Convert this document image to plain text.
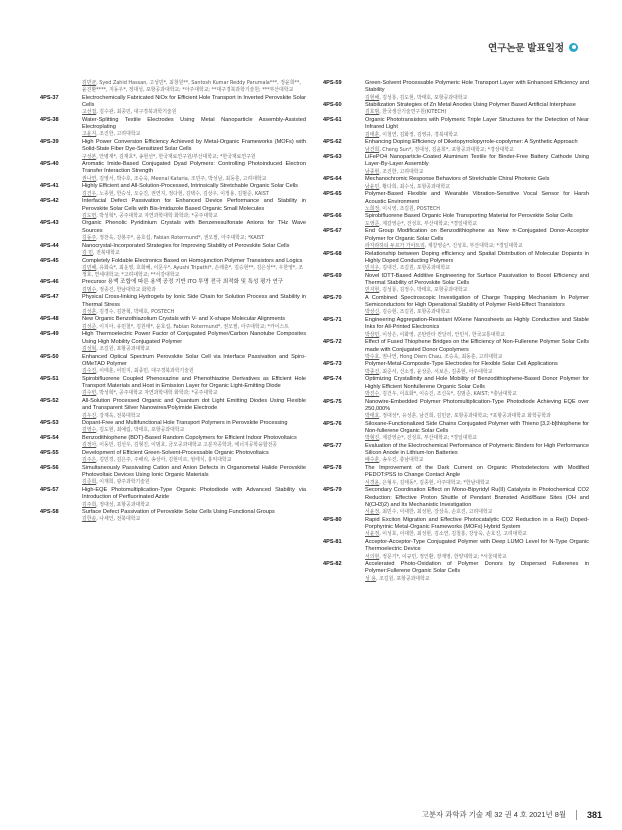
연구논문 발표일정
김민균, Syed Zahid Hassan, 고성민*, 최창원**, Santosh Kumar Reddy Parumala***, 정윤희**, 윤진환****, 지동우*, 정대성, 포항공과대학교; *아주대학교; **대구경북과학기술원; ***부산대학교
4PS-37	Electrochemically Fabricated NiOx for Efficient Hole Transport in Inverted Perovskite Solar Cells
고선접, 김수관, 최종민, 대구경북과학기술원
4PS-38	Water-Splitting Textile Electrodes Using Metal Nanoparticle Assembly-Assisted Electroplating
고윤지, 조진한, 고려대학교
4PS-39	High Power Conversion Efficiency Achieved by Metal-Organic Frameworks (MOFs) with Solid-State Fiber Dye-Sensitized Solar Cells
구성본, 안병재*, 김재호*, 송현선*, 한국재료연구원/부산대학교; *한국재료연구원
4PS-40	Aromatic Imide-Based Conjugated Dyad Polymers: Controlling Photoinduced Electron Transfer Interaction Strength
권나연, 김영서, 박수호, 조승욱, Meenal Kataria, 조민주, 박성남, 최동훈, 고려대학교
4PS-41	Highly Efficient and All-Solution-Processed, Intrinsically Stretchable Organic Solar Cells
김건우, 노종현, 한승석, 오승진, 권연지, 정다현, 김택수, 김상우, 이정용, 김범준, KAIST
4PS-42	Interfacial Defect Passivation for Enhanced Device Performance and Stability in Perovskite Solar Cells with Bis-Imidazole Based Organic Small Molecules
김도헌, 박성혁*, 공주대학교 자연과학대학 화학과; *공주대학교
4PS-43	Organic Phenolic Pyridinium Crystals with Benzenesulfonate Anions for THz Wave Sources
김동주, 정찬욱, 강봉주*, 윤호섭, Fabian Rotermund*, 권오필, 아주대학교; *KAIST
4PS-44	Nanocrystal-Incorporated Strategies for Improving Stability of Perovskite Solar Cells
김 민, 전북대학교
4PS-45	Completely Foldable Electronics Based on Homojunction Polymer Transistors and Logics
김민혜, 유화숙*, 최운영, 호화혜, 이문우*, Ayushi Tripathi*, 손래훈*, 김승현**, 김은성**, 우한영*, 조정호, 연세대학교; *고려대학교; **서강대학교
4PS-46	Precursor 용액 조합에 따른 용액 공정 기반 ITO 투명 전극 최적화 및 특성 평가 연구
김범수, 정종진, 한남대학교 화학과
4PS-47	Physical Cross-linking Hydrogels by Ionic Side Chain for Solution Process and Stability in Thermal Stress
김성훈, 김경수, 김찬혁, 박태호, POSTECH
4PS-48	New Organic Benzothiazolium Crystals with V- and X-shape Molecular Alignments
김성준, 이지아, 유민철*, 김원태*, 윤호섭, Fabian Rotermund*, 권오필, 아주대학교; *카이스트
4PS-49	High Thermoelectric Power Factor of Conjugated Polymer/Carbon Nanotube Composites Using High Mobility Conjugated Polymer
김성혁, 조길원, 포항공과대학교
4PS-50	Enhanced Optical Spectrum Perovskite Solar Cell via Interface Passivation and Spiro-OMeTAD Polymer
김수진, 이태훈, 이민지, 최종민, 대구경북과학기술원
4PS-51	Spirobifluorene Coupled Phenoxazine and Phenothiazine Derivatives as Efficient Hole Transport Materials and Host in Emission Layer for Organic Light-Emitting Diode
김수빈, 박성혁*, 공주대학교 자연과학대학 화학과; *공주대학교
4PS-52	All-Solution Processed Organic and Quantum dot Light Emitting Diodes Using Flexible and Transparent Silver Nanowires/Polyimide Electrode
김우진, 강재욱, 전북대학교
4PS-53	Dopant-Free and Multifunctional Hole Transport Polymers in Perovskite Processing
김영수, 김도현, 최예림, 박태호, 포항공과대학교
4PS-54	Benzodithiophene (BDT)-Based Random Copolymers for Efficient Indoor Photovoltaics
김정아, 이동민, 김선우, 김형진, 이범호, 금오공과대학교 고분자공학과, 에너지공학융합전공
4PS-55	Development of Efficient Green-Solvent-Processable Organic Photovoltaics
김주은, 김민경, 김은주, 주해리, 송상아, 김현미르, 엄태식, 홍익대학교
4PS-56	Simultaneously Passivating Cation and Anion Defects in Organometal Halide Perovskite Photovoltaic Devices Using Ionic Organic Materials
김준희, 이재희, 광주과학기술원
4PS-57	High-EQE Photomultiplication-Type Organic Photodiode with Advanced Stability via Introduction of Perfluorinated Azide
김주희, 정대성, 포항공과대학교
4PS-58	Surface Defect Passivation of Perovskite Solar Cells Using Functional Groups
김한솔, 나세인, 전북대학교
4PS-59	Green-Solvent Processable Polymeric Hole Transport Layer with Enhanced Efficiency and Stability
김현해, 김성룡, 김도현, 박태호, 포항공과대학교
4PS-60	Stabilization Strategies of Zn Metal Anodes Using Polymer Based Artificial Interphase
김호범, 한국생산기술연구원(KITECH)
4PS-61	Organic Phototransistors with Polymeric Triple Layer Structures for the Detection of Near Infrared Light
김태훈, 이철연, 김화정, 김영규, 경북대학교
4PS-62	Enhancing Doping Efficiency of Diketopyrrolopyrrole-copolymer: A Synthetic Approach
남건희, Cheng Sun*, 정대성, 김윤희*, 포항공과대학교; *경상대학교
4PS-63	LiFePO4 Nanoparticle-Coated Aluminum Textile for Binder-Free Battery Cathode Using Layer-By-Layer Assembly
남종현, 조진한, 고려대학교
4PS-64	Mechanochromic Response Behaviors of Stretchable Chiral Photonic Gels
남윤민, 황다희, 최수석, 포항공과대학교
4PS-65	Polymer-Based Flexible and Wearable Vibration-Sensitive Vocal Sensor for Harsh Acoustic Environment
노희정, 이시영, 조길원, POSTECH
4PS-66	Spirobifluorene Based Organic Hole Transporting Material for Perovskite Solar Cells
도영준, 제갈영순*, 진성호, 부산대학교; *경일대학교
4PS-67	End Group Modification on Benzodithiophene as New π-Conjugated Donor-Acceptor Polymer for Organic Solar Cells
라자라하티 두르가 가야트리, 제갈영순*, 진성호, 부산대학교; *경일대학교
4PS-68	Relationship between Doping efficiency and Spatial Distribution of Molecular Dopants in Highly Doped Conducting Polymers
민지우, 김대건, 조길원, 포항공과대학교
4PS-69	Novel IDTT-Based Additive Engineering for Surface Passivation to Boost Efficiency and Thermal Stability of Perovskite Solar Cells
민지현, 김성룡, 김정수, 박태호, 포항공과대학교
4PS-70	A Combined Spectroscopic Investigation of Charge Trapping Mechanism In Polymer Semiconductors for High Operational Stability of Polymer Field-Effect Transistors
박상신, 김승현, 조길원, 포항공과대학교
4PS-71	Engineering Aggregation-Resistant MXene Nanosheets as Highly Conductive and Stable Inks for All-Printed Electronics
박상민, 이상은, 이화영, 곤탄란타 칸달러, 안민식, 한국교통대학교
4PS-72	Effect of Fused Thiophene Bridges on the Efficiency of Non-Fullerene Polymer Solar Cells made with Conjugated Donor Copolymers
박수호, 권나연, Hong Diem Chau, 조승욱, 최동훈, 고려대학교
4PS-73	Polymer-Metal-Composite-Type Electrodes for Flexible Solar Cell Applications
박종진, 최준서, 신소정, 윤상준, 서보은, 김종현, 아주대학교
4PS-74	Optimizing Crystallinity and Hole Mobility of Benzodithiophene-Based Donor Polymer for Highly Efficient Nonfullerene Organic Solar Cells
박진수, 김건우, 이효화*, 이승진, 조신욱*, 김범준, KAIST; *충남대학교
4PS-75	Nanowire-Embedded Polymer Photomultiplication-Type Photodiode Achieving EQE over 250,000%
박태호, 정대성*, 유성훈, 남건희, 김민균, 포항공과대학교; *포항공과대학교 화학공학과
4PS-76	Siloxane-Functionalized Side Chains Conjugated Polymer with Thieno [3,2-b]thiophene for Non-fullerene Organic Solar Cells
박형진, 제갈영순*, 진성호, 부산대학교; *경일대학교
4PS-77	Evaluation of the Electrochemical Performance of Polymeric Binders for High Performance Silicon Anode in Lithium-Ion Batteries
배수훈, 송우진, 충남대학교
4PS-78	The Improvement of the Dark Current on Organic Photodetectors with Modified PEDOT:PSS to Change Contact Angle
서경윤, 은형우, 김태동*, 김종현, 아주대학교; *한남대학교
4PS-79	Secondary Coordination Effect on Mono-Bipyridyl Ru(II) Catalysts in Photochemical CO2 Reduction: Effective Proton Shuttle of Pendant Brønsted Acid/Base Sites (OH and N(CH3)2) and Its Mechanistic Investigation
서윤정, 최민수, 이대한, 최성현, 강상욱, 손호진, 고려대학교
4PS-80	Rapid Exciton Migration and Effective Photocatalytic CO2 Reduction in a Re(I) Doped-Porphyrinic Metal-Organic Frameworks (MOFs) Hybrid System
서윤정, 이성호, 이대한, 최성현, 김소연, 김철홍, 강상욱, 손호진, 고려대학교
4PS-81	Acceptor-Acceptor-Type Conjugated Polymer with Deep LUMO Level for N-Type Organic Thermoelectric Device
서의현, 정문기*, 이규민, 정인환, 장재영, 한양대학교; *서울대학교
4PS-82	Accelerated Photo-Oxidation of Polymer Donors by Dispersed Fullerenes in Polymer:Fullerene Organic Solar Cells
성 용, 조길원, 포항공과대학교
고분자 과학과 기술 제 32 권 4 호 2021년 8월 381
